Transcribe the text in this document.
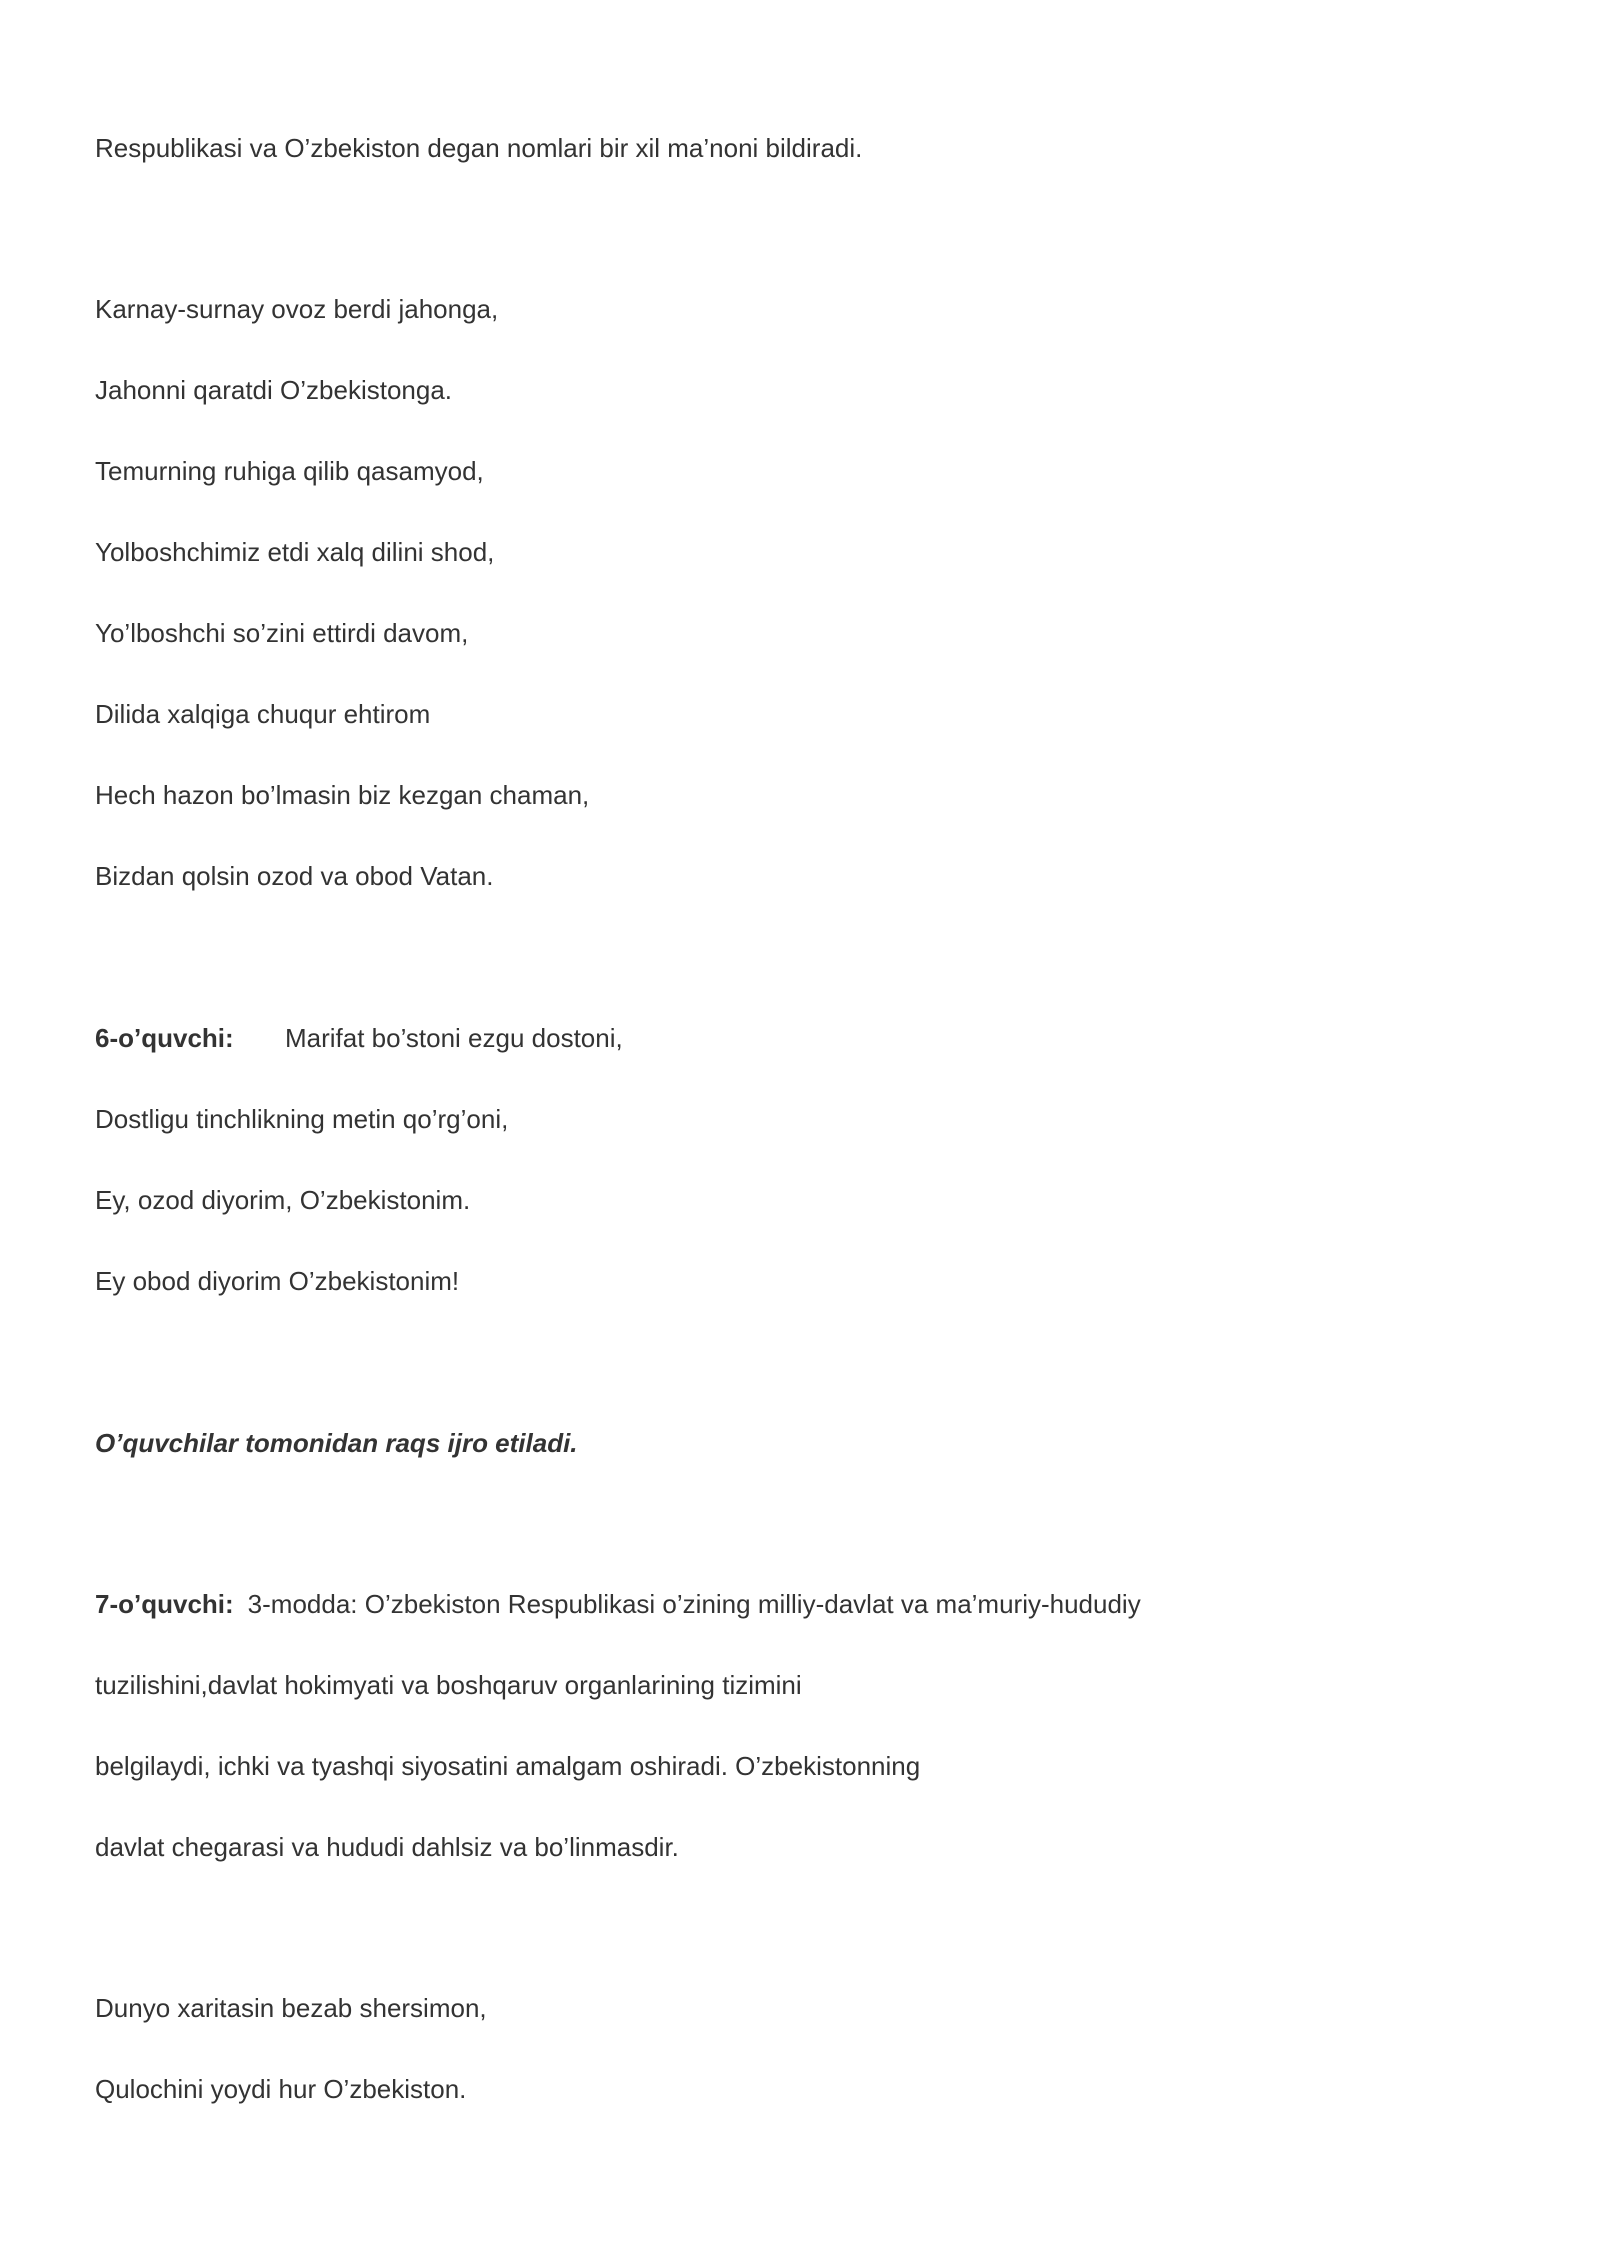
Respublikasi va O’zbekiston degan nomlari bir xil ma’noni bildiradi.

Karnay-surnay ovoz berdi jahonga,

Jahonni qaratdi O’zbekistonga.

Temurning ruhiga qilib qasamyod,

Yolboshchimiz etdi xalq dilini shod,

Yo’lboshchi so’zini ettirdi davom,

Dilida xalqiga chuqur ehtirom

Hech hazon bo’lmasin biz kezgan chaman,

Bizdan qolsin ozod va obod Vatan.

6-o’quvchi: Marifat bo’stoni ezgu dostoni,

Dostligu tinchlikning metin qo’rg’oni,

Ey, ozod diyorim, O’zbekistonim.

Ey obod diyorim O’zbekistonim!

O’quvchilar tomonidan raqs ijro etiladi.

7-o’quvchi: 3-modda: O’zbekiston Respublikasi o’zining milliy-davlat va ma’muriy-hududiy

tuzilishini,davlat hokimyati va boshqaruv organlarining tizimini

belgilaydi, ichki va tyashqi siyosatini amalgam oshiradi. O’zbekistonning

davlat chegarasi va hududi dahlsiz va bo’linmasdir.

Dunyo xaritasin bezab shersimon,

Qulochini yoydi hur O’zbekiston.
